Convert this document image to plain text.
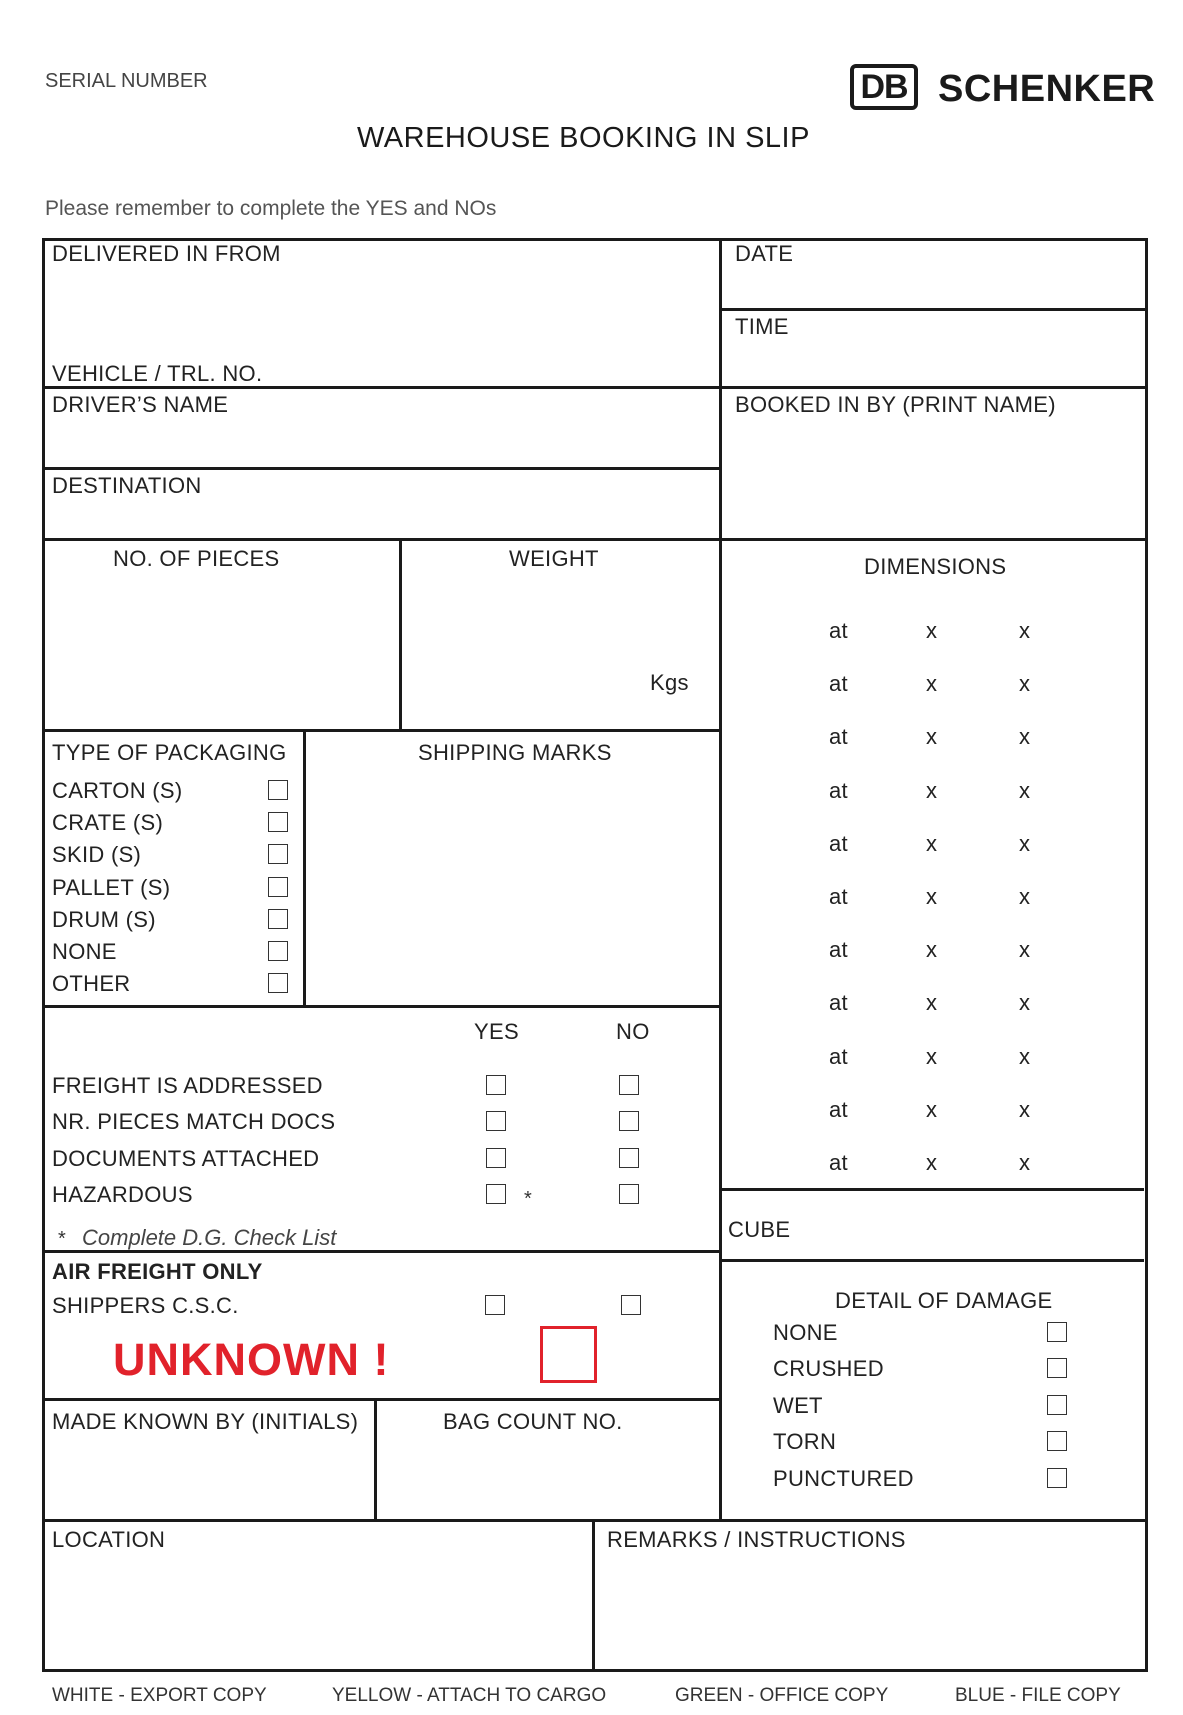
SERIAL NUMBER	DB SCHENKER
WAREHOUSE BOOKING IN SLIP
Please remember to complete the YES and NOs
DELIVERED IN FROM
VEHICLE / TRL. NO.
DATE
TIME
DRIVER’S NAME	BOOKED IN BY (PRINT NAME)
DESTINATION
NO. OF PIECES	WEIGHT
Kgs
DIMENSIONS
at	x	x
at	x	x
at	x	x
at	x	x
at	x	x
at	x	x
at	x	x
at	x	x
at	x	x
at	x	x
at	x	x
TYPE OF PACKAGING
CARTON (S)
CRATE (S)
SKID (S)
PALLET (S)
DRUM (S)
NONE
OTHER
SHIPPING MARKS
YES	NO
FREIGHT IS ADDRESSED
NR. PIECES MATCH DOCS
DOCUMENTS ATTACHED
HAZARDOUS	*
* Complete D.G. Check List
AIR FREIGHT ONLY
SHIPPERS C.S.C.
UNKNOWN !
CUBE
DETAIL OF DAMAGE
NONE
CRUSHED
WET
TORN
PUNCTURED
MADE KNOWN BY (INITIALS)	BAG COUNT NO.
LOCATION	REMARKS / INSTRUCTIONS
WHITE - EXPORT COPY	YELLOW - ATTACH TO CARGO	GREEN - OFFICE COPY	BLUE - FILE COPY
